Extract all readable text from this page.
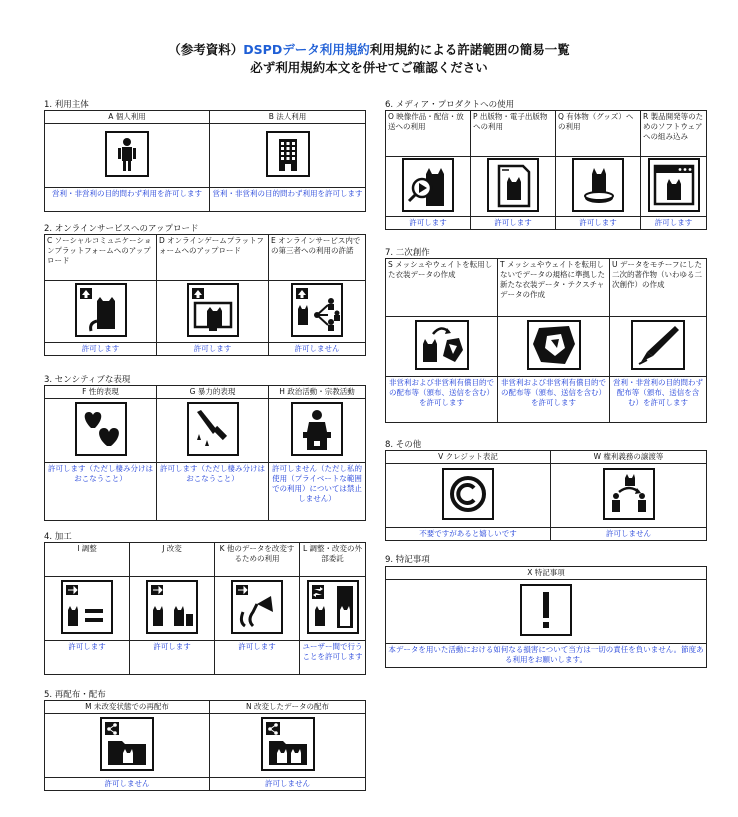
（参考資料）DSPDデータ利用規約利用規約による許諾範囲の簡易一覧
必ず利用規約本文を併せてご確認ください
1. 利用主体
A 個人利用	B 法人利用

営利・非営利の目的問わず利用を許可します	営利・非営利の目的問わず利用を許可します
2. オンラインサービスへのアップロード
C ソーシャルコミュニケーションプラットフォームへのアップロード	D オンラインゲームプラットフォームへのアップロード	E オンラインサービス内での第三者への利用の許諾

許可します	許可します	許可しません
3. センシティブな表現
F 性的表現	G 暴力的表現	H 政治活動・宗教活動

許可します（ただし棲み分けはおこなうこと）	許可します（ただし棲み分けはおこなうこと）	許可しません（ただし私的使用（プライベートな範囲での利用）については禁止しません）
4. 加工
I 調整	J 改変	K 他のデータを改変するための利用	L 調整・改変の外部委託

許可します	許可します	許可します	ユーザー間で行うことを許可します
5. 再配布・配布
M 未改変状態での再配布	N 改変したデータの配布

許可しません	許可しません
6. メディア・プロダクトへの使用
O 映像作品・配信・放送への利用	P 出版物・電子出版物への利用	Q 有体物（グッズ）への利用	R 製品開発等のためのソフトウェアへの組み込み

許可します	許可します	許可します	許可します
7. 二次創作
S メッシュやウェイトを転用した衣装データの作成	T メッシュやウェイトを転用しないでデータの規格に準拠した新たな衣装データ・テクスチャデータの作成	U データをモチーフにした二次的著作物（いわゆる二次創作）の作成

非営利および非営利有償目的での配布等（頒布、送信を含む）を許可します	非営利および非営利有償目的での配布等（頒布、送信を含む）を許可します	営利・非営利の目的問わず配布等（頒布、送信を含む）を許可します
8. その他
V クレジット表記	W 権利義務の譲渡等

不要ですがあると嬉しいです	許可しません
9. 特記事項
X 特記事項

本データを用いた活動における如何なる損害について当方は一切の責任を負いません。節度ある利用をお願いします。
